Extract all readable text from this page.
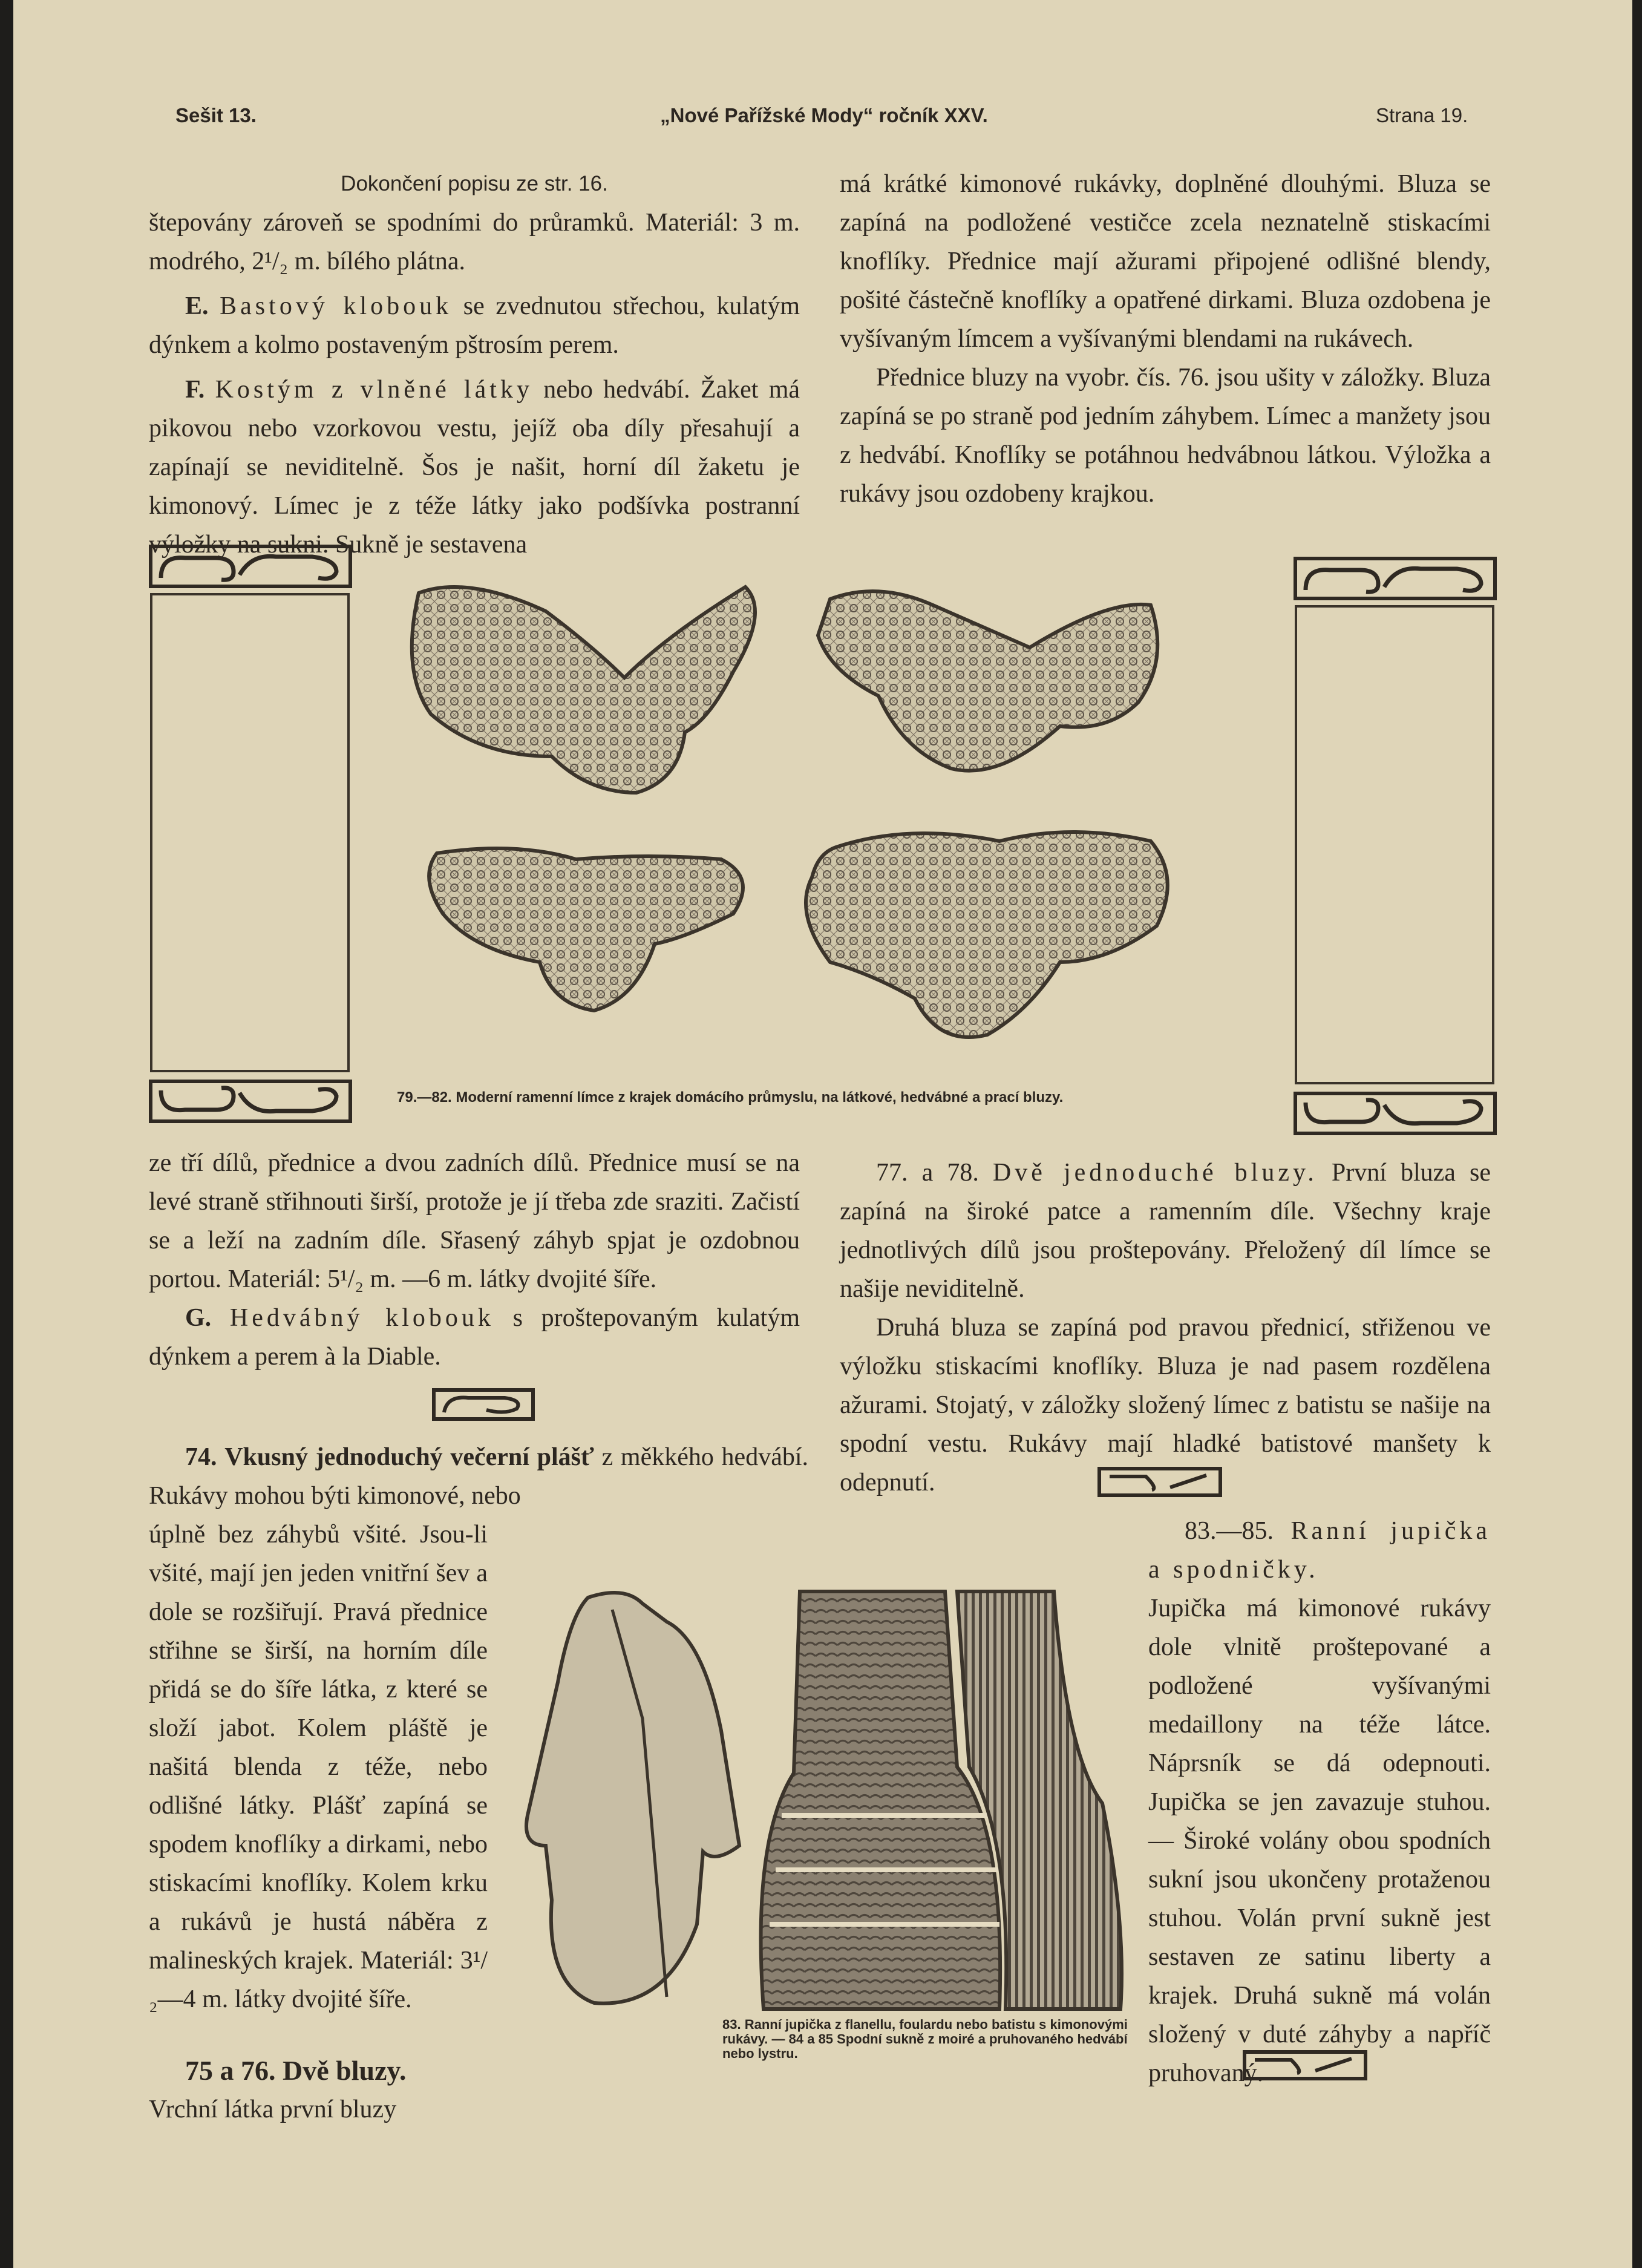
Sešit 13.	„Nové Pařížské Mody“ ročník XXV.	Strana 19.

Dokončení popisu ze str. 16.

štepovány zároveň se spodními do průramků. Materiál: 3 m. modrého, 2¹/₂ m. bílého plátna.

E. Bastový klobouk se zvednutou střechou, kulatým dýnkem a kolmo postaveným pštrosím perem.

F. Kostým z vlněné látky nebo hedvábí. Žaket má pikovou nebo vzorkovou vestu, jejíž oba díly přesahují a zapínají se neviditelně. Šos je našit, horní díl žaketu je kimonový. Límec je z téže látky jako podšívka postranní výložky na sukni. Sukně je sestavena

má krátké kimonové rukávky, doplněné dlouhými. Bluza se zapíná na podložené vestičce zcela neznatelně stiskacími knoflíky. Přednice mají ažurami připojené odlišné blendy, pošité částečně knoflíky a opatřené dirkami. Bluza ozdobena je vyšívaným límcem a vyšívanými blendami na rukávech.

Přednice bluzy na vyobr. čís. 76. jsou ušity v záložky. Bluza zapíná se po straně pod jedním záhybem. Límec a manžety jsou z hedvábí. Knoflíky se potáhnou hedvábnou látkou. Výložka a rukávy jsou ozdobeny krajkou.

79.—82. Moderní ramenní límce z krajek domácího průmyslu, na látkové, hedvábné a prací bluzy.

ze tří dílů, přednice a dvou zadních dílů. Přednice musí se na levé straně střihnouti širší, protože je jí třeba zde sraziti. Začistí se a leží na zadním díle. Sřasený záhyb spjat je ozdobnou portou. Materiál: 5¹/₂ m. —6 m. látky dvojité šíře.

G. Hedvábný klobouk s proštepovaným kulatým dýnkem a perem à la Diable.

77. a 78. Dvě jednoduché bluzy. První bluza se zapíná na široké patce a ramenním díle. Všechny kraje jednotlivých dílů jsou proštepovány. Přeložený díl límce se našije neviditelně.

Druhá bluza se zapíná pod pravou přednicí, střiženou ve výložku stiskacími knoflíky. Bluza je nad pasem rozdělena ažurami. Stojatý, v záložky složený límec z batistu se našije na spodní vestu. Rukávy mají hladké batistové manšety k odepnutí.

74. Vkusný jednoduchý večerní plášť z měkkého hedvábí. Rukávy mohou býti kimonové, nebo

úplně bez záhybů všité. Jsou-li všité, mají jen jeden vnitřní šev a dole se rozšiřují. Pravá přednice střihne se širší, na horním díle přidá se do šíře látka, z které se složí jabot. Kolem pláště je našitá blenda z téže, nebo odlišné látky. Plášť zapíná se spodem knoflíky a dirkami, nebo stiskacími knoflíky. Kolem krku a rukávů je hustá náběra z malineských krajek. Materiál: 3¹/₂—4 m. látky dvojité šíře.

75 a 76. Dvě bluzy.

Vrchní látka první bluzy

83. Ranní jupička z flanellu, foulardu nebo batistu s kimonovými rukávy. — 84 a 85 Spodní sukně z moiré a pruhovaného hedvábí nebo lystru.

83.—85. Ranní jupička a spodničky.

Jupička má kimonové rukávy dole vlnitě proštepované a podložené vyšívanými medaillony na téže látce. Náprsník se dá odepnouti. Jupička se jen zavazuje stuhou. — Široké volány obou spodních sukní jsou ukončeny protaženou stuhou. Volán první sukně jest sestaven ze satinu liberty a krajek. Druhá sukně má volán složený v duté záhyby a napříč pruhovaný.
